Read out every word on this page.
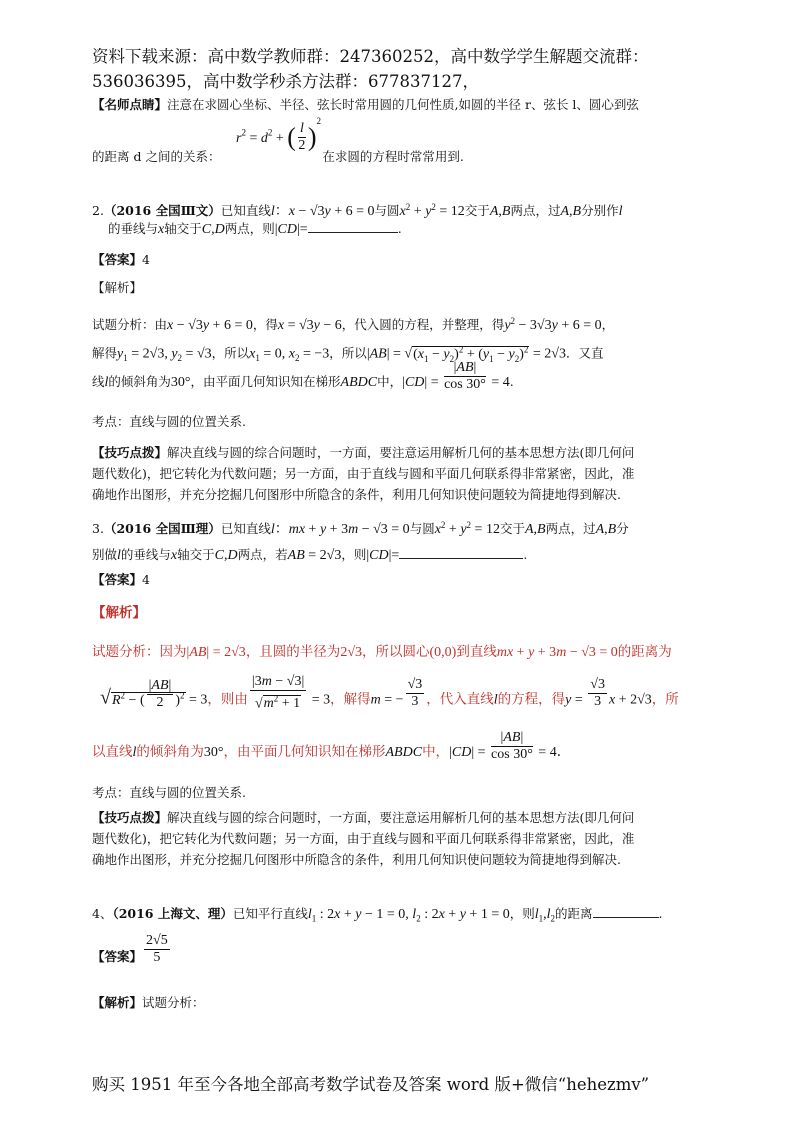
资料下载来源：高中数学教师群：247360252，高中数学学生解题交流群：
536036395，高中数学秒杀方法群：677837127，
【名师点睛】注意在求圆心坐标、半径、弦长时常用圆的几何性质,如圆的半径 r、弦长 l、圆心到弦
$r^2 = d^2$ + ( $\frac{l}{2} )^2$
的距离 d 之间的关系：	在求圆的方程时常常用到.
2.（2016 全国Ⅲ文）已知直线l：x − √3y + 6 = 0与圆$x^2 + y^2 = 12$交于A,B两点，过A,B分别作l
的垂线与x轴交于C,D两点，则|CD|=	.
【答案】4
【解析】
试题分析：由x − √3y + 6 = 0，得x = √3y − 6，代入圆的方程，并整理，得$y^2 - 3√3y + 6 = 0$，
解得$y_1 = 2√3$, $y_2 = √3$，所以$x_1 = 0$, $x_2 = -3$，所以$|AB| = √(x_1 - y_2)^2 + (y_1 - y_2)^2 = 2√3$．又直
线l的倾斜角为30°，由平面几何知识知在梯形ABDC中，$|CD| = \frac{|AB|}{\cos 30^\circ} = 4$.
考点：直线与圆的位置关系.
【技巧点拨】解决直线与圆的综合问题时，一方面，要注意运用解析几何的基本思想方法(即几何问
题代数化)，把它转化为代数问题；另一方面，由于直线与圆和平面几何联系得非常紧密，因此，准
确地作出图形，并充分挖掘几何图形中所隐含的条件，利用几何知识使问题较为简捷地得到解决.
3.（2016 全国Ⅲ理）已知直线l：mx + y + 3m − √3 = 0与圆$x^2 + y^2 = 12$交于A,B两点，过A,B分
别做l的垂线与x轴交于C,D两点，若AB = 2√3，则|CD|=	.
【答案】4
【解析】
试题分析：因为|AB| = 2√3，且圆的半径为2√3，所以圆心(0,0)到直线mx + y + 3m − √3 = 0的距离为
$√R^2$ − ( $\frac{|AB|}{2} )^2 = 3$，则由 $\frac{|3m - √3|}{√m^2 + 1} = 3$，解得m = − $\frac{√3}{3}$ ，代入直线l的方程，得$y = \frac{√3}{3}$ x + 2√3，所
以直线l的倾斜角为30°，由平面几何知识知在梯形ABDC中，$|CD| = \frac{|AB|}{\cos 30^\circ} = 4$.
考点：直线与圆的位置关系.
【技巧点拨】解决直线与圆的综合问题时，一方面，要注意运用解析几何的基本思想方法(即几何问
题代数化)，把它转化为代数问题；另一方面，由于直线与圆和平面几何联系得非常紧密，因此，准
确地作出图形，并充分挖掘几何图形中所隐含的条件，利用几何知识使问题较为简捷地得到解决.
4、（2016 上海文、理）已知平行直线$l_1$ : 2x + y − 1 = 0, $l_2$ : 2x + y + 1 = 0，则$l_1,l_2$的距离	.
【答案】 $\frac{2√5}{5}$
【解析】试题分析：
购买 1951 年至今各地全部高考数学试卷及答案 word 版+微信“hehezmv”
